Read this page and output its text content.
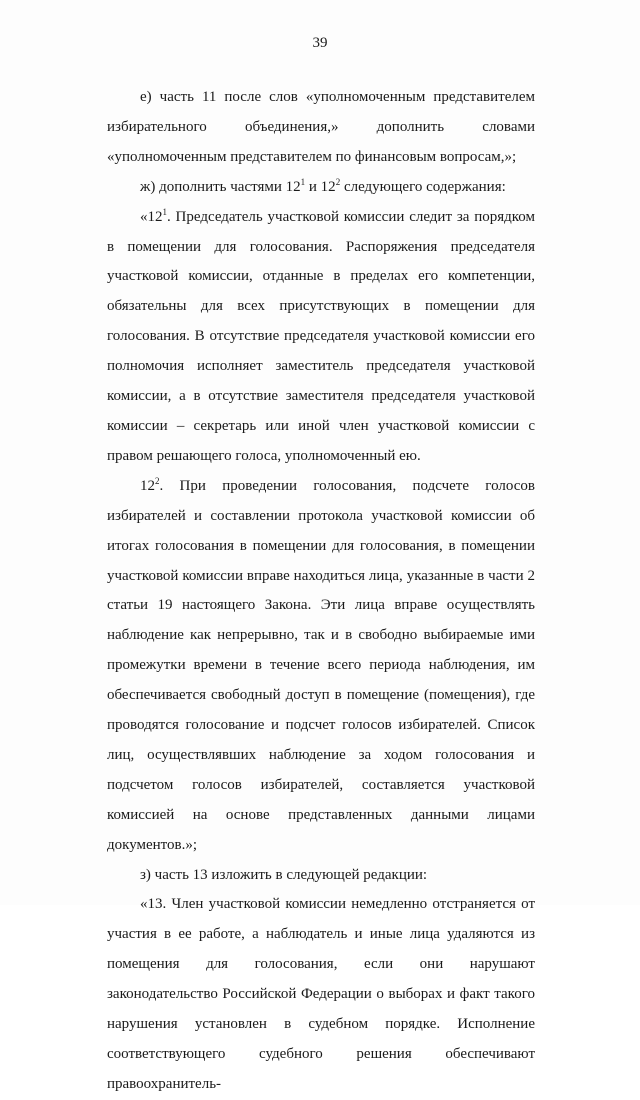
39

е) часть 11 после слов «уполномоченным представителем избирательного объединения,» дополнить словами «уполномоченным представителем по финансовым вопросам,»;

ж) дополнить частями $12^1$ и $12^2$ следующего содержания:

«$12^1$. Председатель участковой комиссии следит за порядком в помещении для голосования. Распоряжения председателя участковой комиссии, отданные в пределах его компетенции, обязательны для всех присутствующих в помещении для голосования. В отсутствие председателя участковой комиссии его полномочия исполняет заместитель председателя участковой комиссии, а в отсутствие заместителя председателя участковой комиссии – секретарь или иной член участковой комиссии с правом решающего голоса, уполномоченный ею.

$12^2$. При проведении голосования, подсчете голосов избирателей и составлении протокола участковой комиссии об итогах голосования в помещении для голосования, в помещении участковой комиссии вправе находиться лица, указанные в части 2 статьи 19 настоящего Закона. Эти лица вправе осуществлять наблюдение как непрерывно, так и в свободно выбираемые ими промежутки времени в течение всего периода наблюдения, им обеспечивается свободный доступ в помещение (помещения), где проводятся голосование и подсчет голосов избирателей. Список лиц, осуществлявших наблюдение за ходом голосования и подсчетом голосов избирателей, составляется участковой комиссией на основе представленных данными лицами документов.»;

з) часть 13 изложить в следующей редакции:

«13. Член участковой комиссии немедленно отстраняется от участия в ее работе, а наблюдатель и иные лица удаляются из помещения для голосования, если они нарушают законодательство Российской Федерации о выборах и факт такого нарушения установлен в судебном порядке. Исполнение соответствующего судебного решения обеспечивают правоохранитель-
